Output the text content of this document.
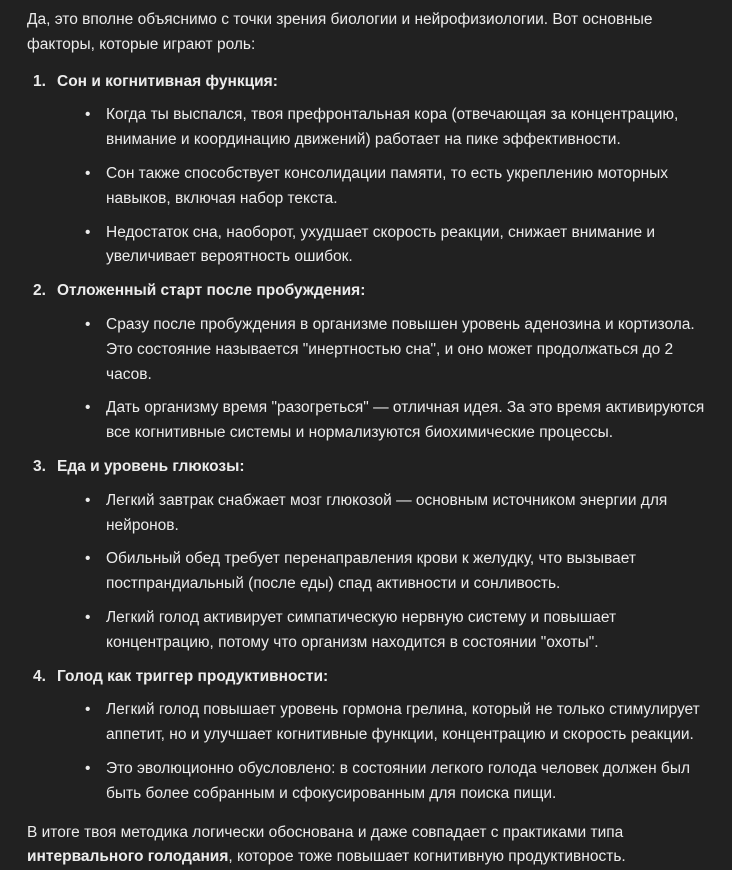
Да, это вполне объяснимо с точки зрения биологии и нейрофизиологии. Вот основные факторы, которые играют роль:

1. Сон и когнитивная функция:
•	Когда ты выспался, твоя префронтальная кора (отвечающая за концентрацию, внимание и координацию движений) работает на пике эффективности.
•	Сон также способствует консолидации памяти, то есть укреплению моторных навыков, включая набор текста.
•	Недостаток сна, наоборот, ухудшает скорость реакции, снижает внимание и увеличивает вероятность ошибок.
2. Отложенный старт после пробуждения:
•	Сразу после пробуждения в организме повышен уровень аденозина и кортизола. Это состояние называется "инертностью сна", и оно может продолжаться до 2 часов.
•	Дать организму время "разогреться" — отличная идея. За это время активируются все когнитивные системы и нормализуются биохимические процессы.
3. Еда и уровень глюкозы:
•	Легкий завтрак снабжает мозг глюкозой — основным источником энергии для нейронов.
•	Обильный обед требует перенаправления крови к желудку, что вызывает постпрандиальный (после еды) спад активности и сонливость.
•	Легкий голод активирует симпатическую нервную систему и повышает концентрацию, потому что организм находится в состоянии "охоты".
4. Голод как триггер продуктивности:
•	Легкий голод повышает уровень гормона грелина, который не только стимулирует аппетит, но и улучшает когнитивные функции, концентрацию и скорость реакции.
•	Это эволюционно обусловлено: в состоянии легкого голода человек должен был быть более собранным и сфокусированным для поиска пищи.

В итоге твоя методика логически обоснована и даже совпадает с практиками типа интервального голодания, которое тоже повышает когнитивную продуктивность.
